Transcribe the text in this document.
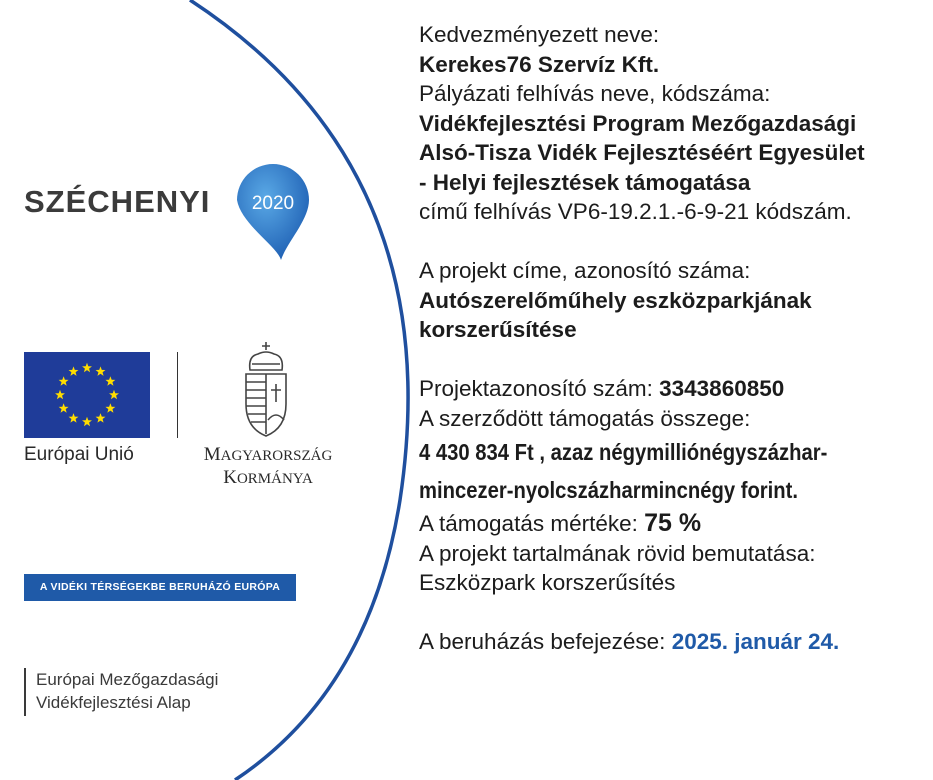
SZÉCHENYI 2020
Európai Unió	MAGYARORSZÁG
KORMÁNYA
A VIDÉKI TÉRSÉGEKBE BERUHÁZÓ EURÓPA
Európai Mezőgazdasági
Vidékfejlesztési Alap

Kedvezményezett neve:

Kerekes76 Szervíz Kft.

Pályázati felhívás neve, kódszáma:

Vidékfejlesztési Program Mezőgazdasági

Alsó-Tisza Vidék Fejlesztéséért Egyesület

- Helyi fejlesztések támogatása

című felhívás VP6-19.2.1.-6-9-21 kódszám.

A projekt címe, azonosító száma:

Autószerelőműhely eszközparkjának

korszerűsítése

Projektazonosító szám: 3343860850

A szerződött támogatás összege:

4 430 834 Ft , azaz négymilliónégyszázhar-

mincezer-nyolcszázharmincnégy forint.

A támogatás mértéke: 75 %

A projekt tartalmának rövid bemutatása:

Eszközpark korszerűsítés

A beruházás befejezése: 2025. január 24.
